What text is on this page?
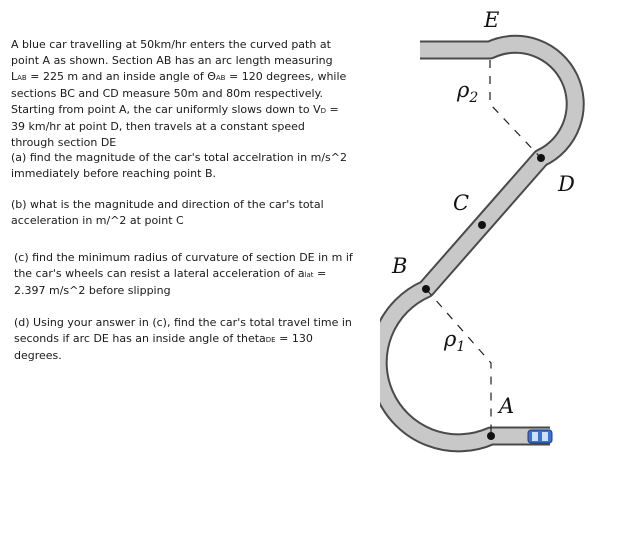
A blue car travelling at 50km/hr enters the curved path at point A as shown. Section AB has an arc length measuring LAB = 225 m and an inside angle of ΘAB = 120 degrees, while sections BC and CD measure 50m and 80m respectively. Starting from point A, the car uniformly slows down to VD = 39 km/hr at point D, then travels at a constant speed through section DE

(a) find the magnitude of the car's total accelration in m/s^2 immediately before reaching point B.

(b) what is the magnitude and direction of the car's total acceleration in m/^2 at point C

(c) find the minimum radius of curvature of section DE in m if the car's wheels can resist a lateral acceleration of alat = 2.397 m/s^2 before slipping

(d) Using your answer in (c), find the car's total travel time in seconds if arc DE has an inside angle of thetaDE = 130 degrees.

E
D
C
B
A
$\rho_2$
$\rho_1$
